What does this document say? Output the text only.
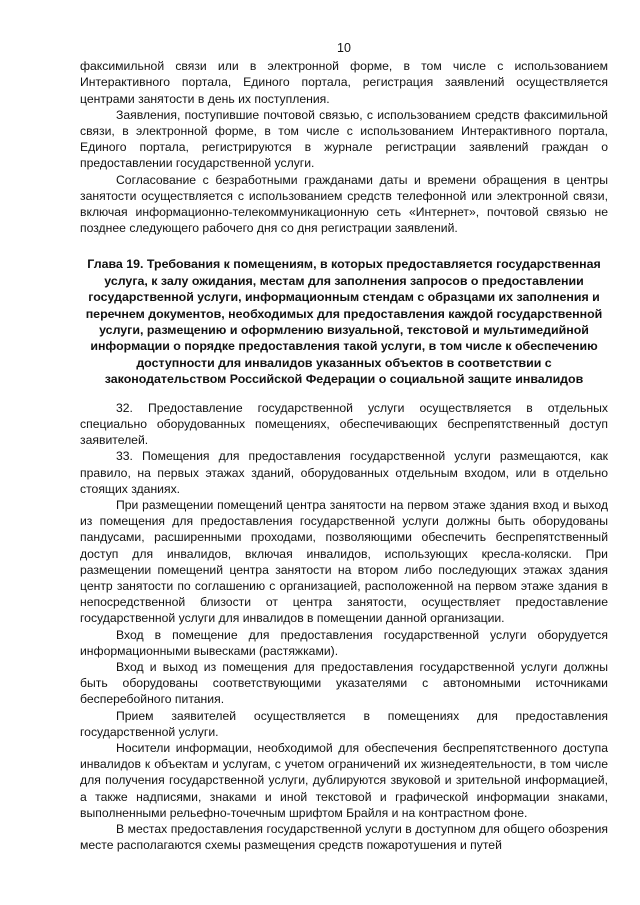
10

факсимильной связи или в электронной форме, в том числе с использованием Интерактивного портала, Единого портала, регистрация заявлений осуществляется центрами занятости в день их поступления.

Заявления, поступившие почтовой связью, с использованием средств факсимильной связи, в электронной форме, в том числе с использованием Интерактивного портала, Единого портала, регистрируются в журнале регистрации заявлений граждан о предоставлении государственной услуги.

Согласование с безработными гражданами даты и времени обращения в центры занятости осуществляется с использованием средств телефонной или электронной связи, включая информационно-телекоммуникационную сеть «Интернет», почтовой связью не позднее следующего рабочего дня со дня регистрации заявлений.

Глава 19. Требования к помещениям, в которых предоставляется государственная услуга, к залу ожидания, местам для заполнения запросов о предоставлении государственной услуги, информационным стендам с образцами их заполнения и перечнем документов, необходимых для предоставления каждой государственной услуги, размещению и оформлению визуальной, текстовой и мультимедийной информации о порядке предоставления такой услуги, в том числе к обеспечению доступности для инвалидов указанных объектов в соответствии с законодательством Российской Федерации о социальной защите инвалидов

32. Предоставление государственной услуги осуществляется в отдельных специально оборудованных помещениях, обеспечивающих беспрепятственный доступ заявителей.

33. Помещения для предоставления государственной услуги размещаются, как правило, на первых этажах зданий, оборудованных отдельным входом, или в отдельно стоящих зданиях.

При размещении помещений центра занятости на первом этаже здания вход и выход из помещения для предоставления государственной услуги должны быть оборудованы пандусами, расширенными проходами, позволяющими обеспечить беспрепятственный доступ для инвалидов, включая инвалидов, использующих кресла-коляски. При размещении помещений центра занятости на втором либо последующих этажах здания центр занятости по соглашению с организацией, расположенной на первом этаже здания в непосредственной близости от центра занятости, осуществляет предоставление государственной услуги для инвалидов в помещении данной организации.

Вход в помещение для предоставления государственной услуги оборудуется информационными вывесками (растяжками).

Вход и выход из помещения для предоставления государственной услуги должны быть оборудованы соответствующими указателями с автономными источниками бесперебойного питания.

Прием заявителей осуществляется в помещениях для предоставления государственной услуги.

Носители информации, необходимой для обеспечения беспрепятственного доступа инвалидов к объектам и услугам, с учетом ограничений их жизнедеятельности, в том числе для получения государственной услуги, дублируются звуковой и зрительной информацией, а также надписями, знаками и иной текстовой и графической информации знаками, выполненными рельефно-точечным шрифтом Брайля и на контрастном фоне.

В местах предоставления государственной услуги в доступном для общего обозрения месте располагаются схемы размещения средств пожаротушения и путей
